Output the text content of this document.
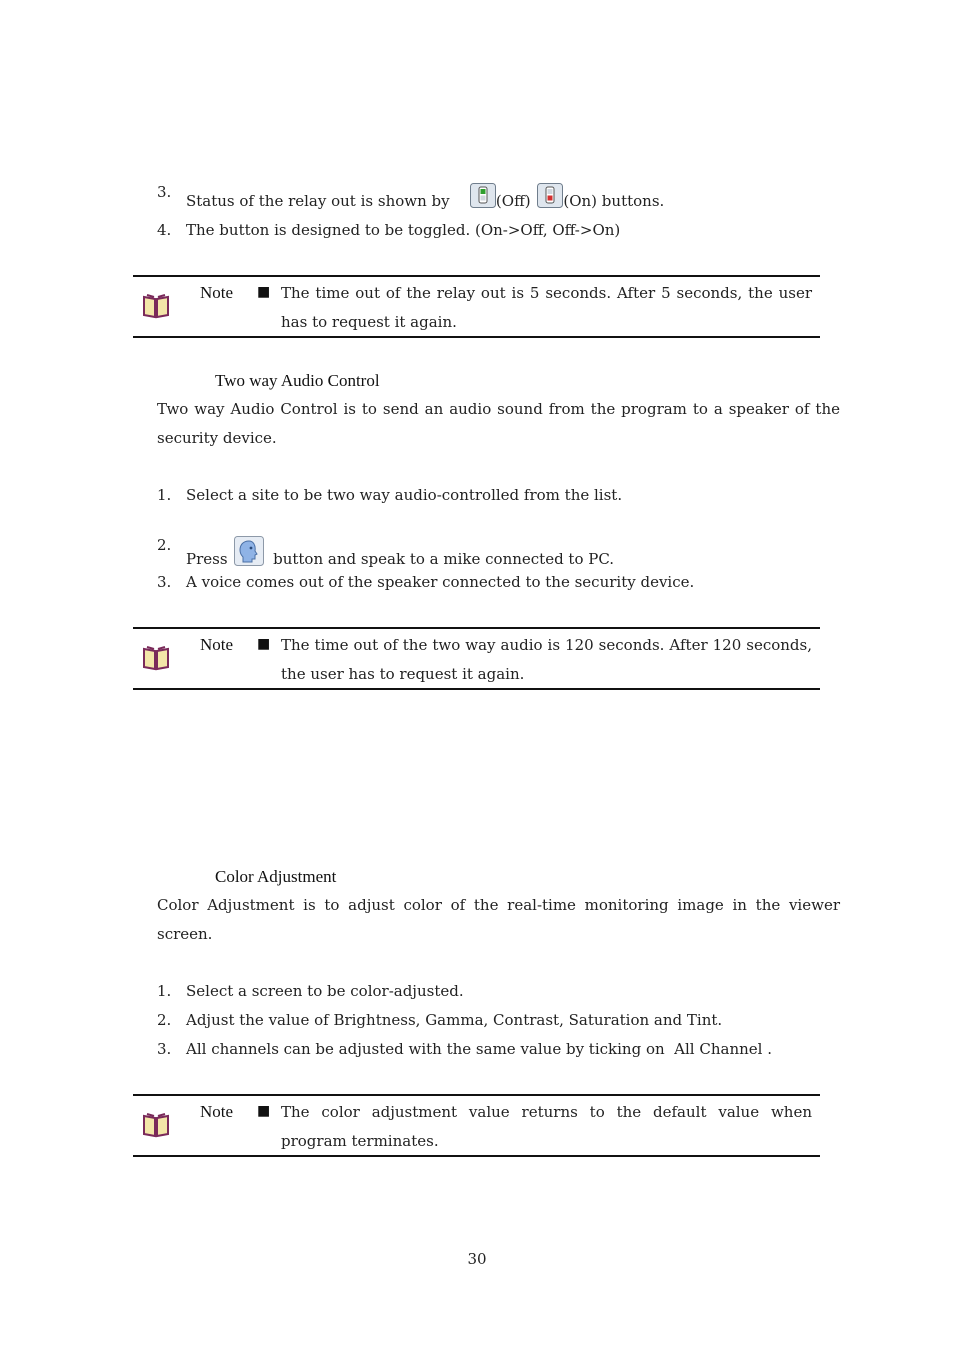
3. Status of the relay out is shown by	(Off) (On) buttons.
4. The button is designed to be toggled. (On->Off, Off->On)
Note ■ The time out of the relay out is 5 seconds. After 5 seconds, the user has to request it again.
Two way Audio Control
Two way Audio Control is to send an audio sound from the program to a speaker of the security device.
1. Select a site to be two way audio-controlled from the list.
2.
Press	button and speak to a mike connected to PC.
3. A voice comes out of the speaker connected to the security device.
Note ■ The time out of the two way audio is 120 seconds. After 120 seconds, the user has to request it again.
Color Adjustment
Color Adjustment is to adjust color of the real-time monitoring image in the viewer screen.
1. Select a screen to be color-adjusted.
2. Adjust the value of Brightness, Gamma, Contrast, Saturation and Tint.
3. All channels can be adjusted with the same value by ticking on  All Channel .
Note ■ The color adjustment value returns to the default value when program terminates.
30
